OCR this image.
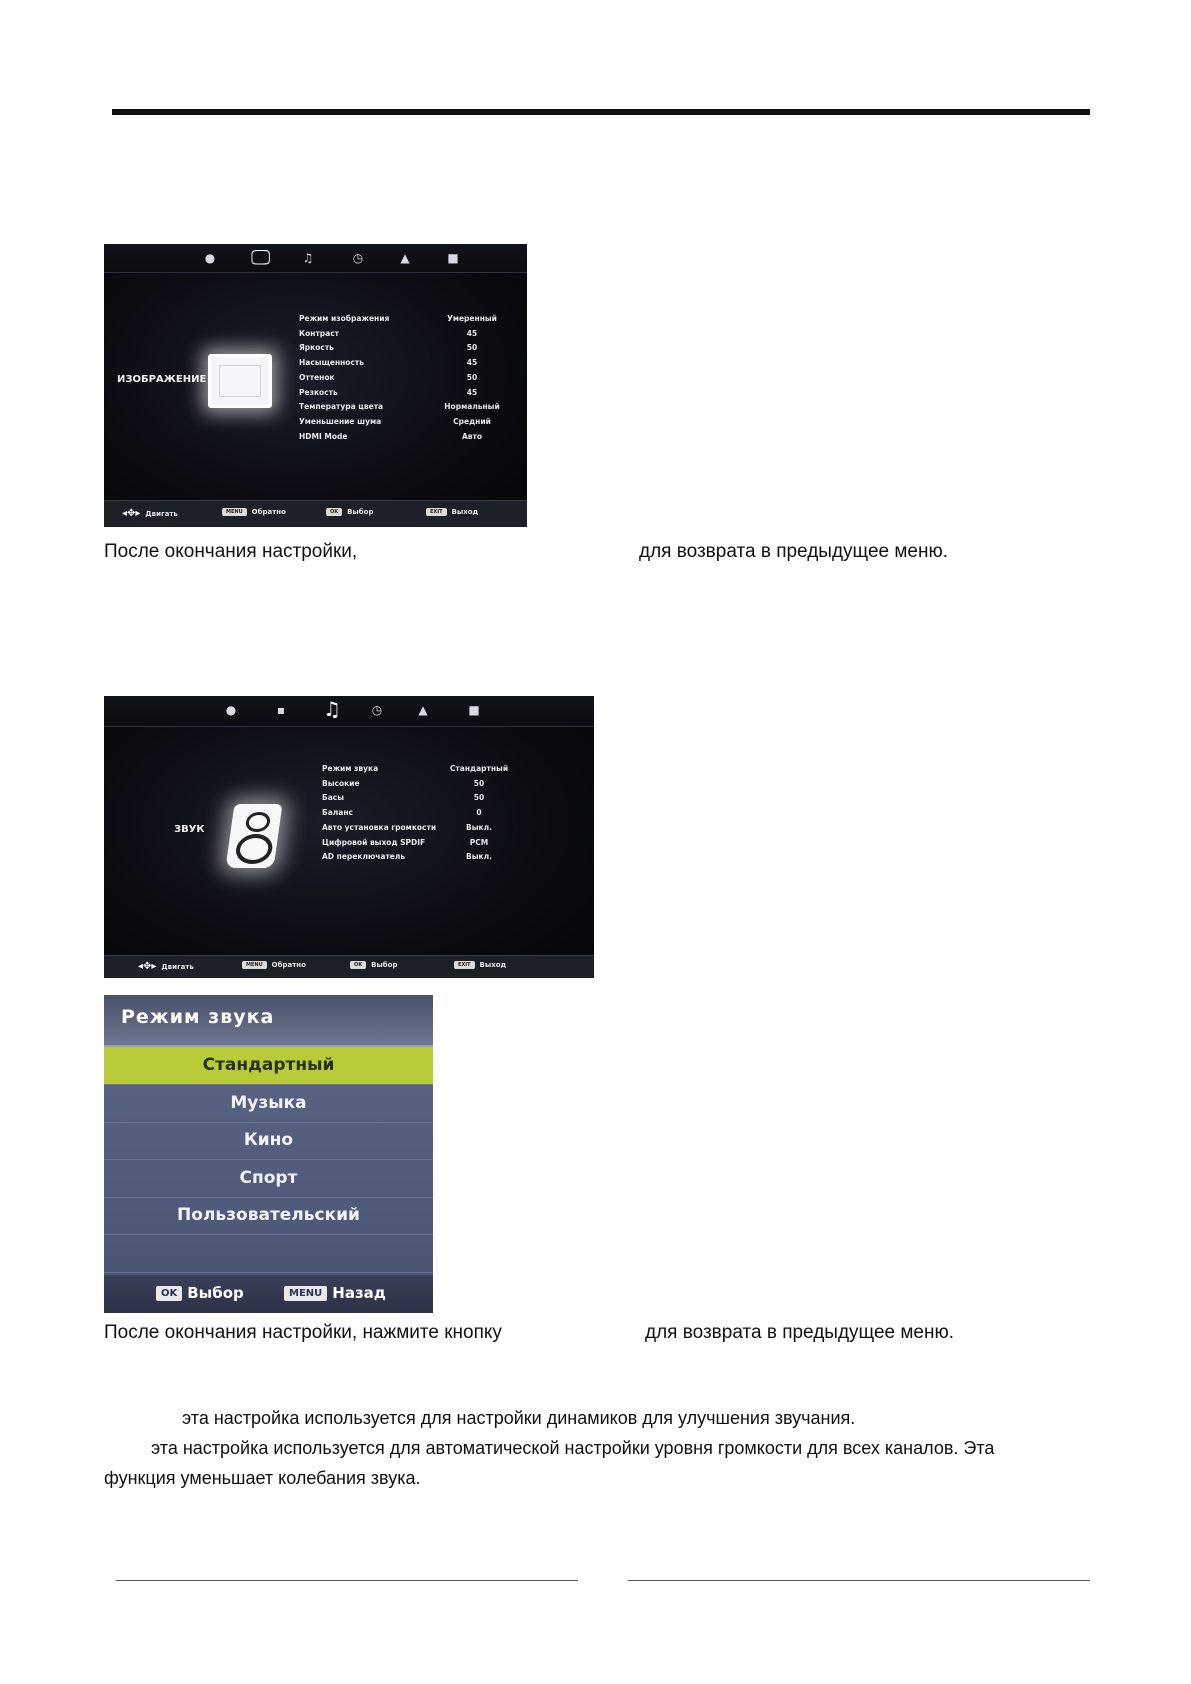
● 🖵	♫	◷	▲	■
ИЗОБРАЖЕНИЕ
Режим изображения	Умеренный
Контраст	45
Яркость	50
Насыщенность	45
Оттенок	50
Резкость	45
Температура цвета	Нормальный
Уменьшение шума	Средний
HDMI Mode	Авто
◂✥▸ Двигать	MENU	Обратно	OK	Выбор	EXIT	Выход
После окончания настройки,	для возврата в предыдущее меню.
●	▪ ♫	◷	▲	■
ЗВУК
Режим звука	Стандартный
Высокие	50
Басы	50
Баланс	0
Авто установка громкости	Выкл.
Цифровой выход SPDIF	PCM
AD переключатель	Выкл.
◂✥▸ Двигать	MENU	Обратно	OK	Выбор	EXIT	Выход
Режим звука
Стандартный
Музыка
Кино
Спорт
Пользовательский
OK Выбор	MENU Назад
После окончания настройки, нажмите кнопку	для возврата в предыдущее меню.
эта настройка используется для настройки динамиков для улучшения звучания.
эта настройка используется для автоматической настройки уровня громкости для всех каналов. Эта
функция уменьшает колебания звука.
